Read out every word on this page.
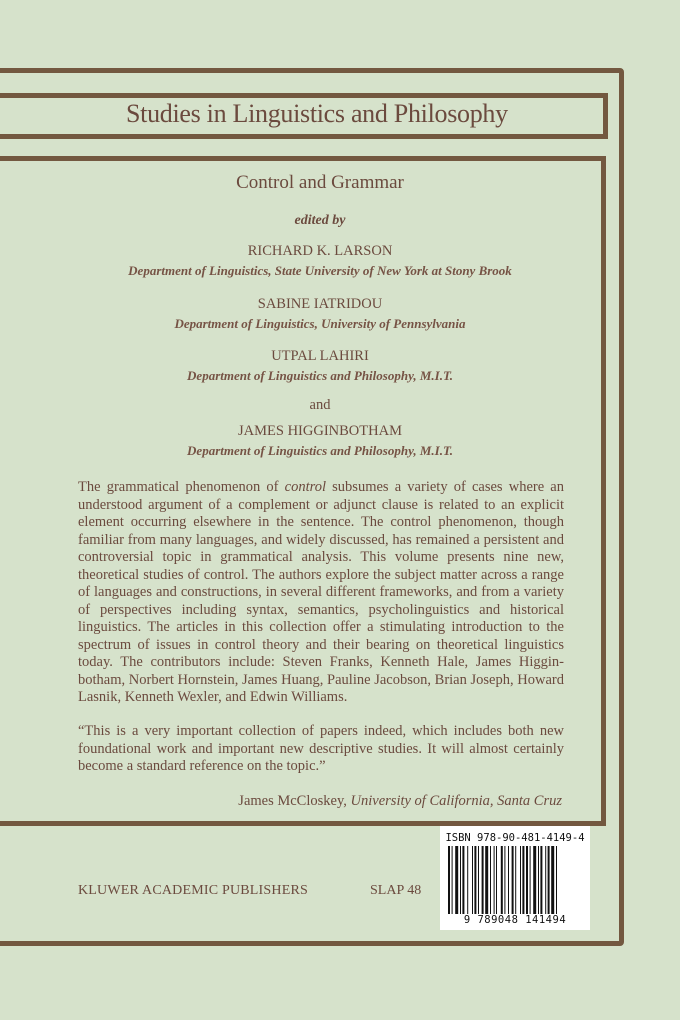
Studies in Linguistics and Philosophy
Control and Grammar
edited by
RICHARD K. LARSON
Department of Linguistics, State University of New York at Stony Brook
SABINE IATRIDOU
Department of Linguistics, University of Pennsylvania
UTPAL LAHIRI
Department of Linguistics and Philosophy, M.I.T.
and
JAMES HIGGINBOTHAM
Department of Linguistics and Philosophy, M.I.T.
The grammatical phenomenon of control subsumes a variety of cases where an understood argument of a complement or adjunct clause is related to an explicit element occurring elsewhere in the sentence. The control phenomenon, though familiar from many languages, and widely discussed, has remained a persistent and controversial topic in grammatical analysis. This volume presents nine new, theoretical studies of control. The authors explore the subject matter across a range of languages and constructions, in several different frameworks, and from a variety of perspectives including syntax, semantics, psycholinguistics and historical linguistics. The articles in this collection offer a stimulating introduction to the spectrum of issues in control theory and their bearing on theoretical linguistics today. The contributors include: Steven Franks, Kenneth Hale, James Higgin-botham, Norbert Hornstein, James Huang, Pauline Jacobson, Brian Joseph, Howard Lasnik, Kenneth Wexler, and Edwin Williams.
“This is a very important collection of papers indeed, which includes both new foundational work and important new descriptive studies. It will almost certainly become a standard reference on the topic.”
James McCloskey, University of California, Santa Cruz
KLUWER ACADEMIC PUBLISHERS	SLAP 48
ISBN 978-90-481-4149-4
9 789048 141494
